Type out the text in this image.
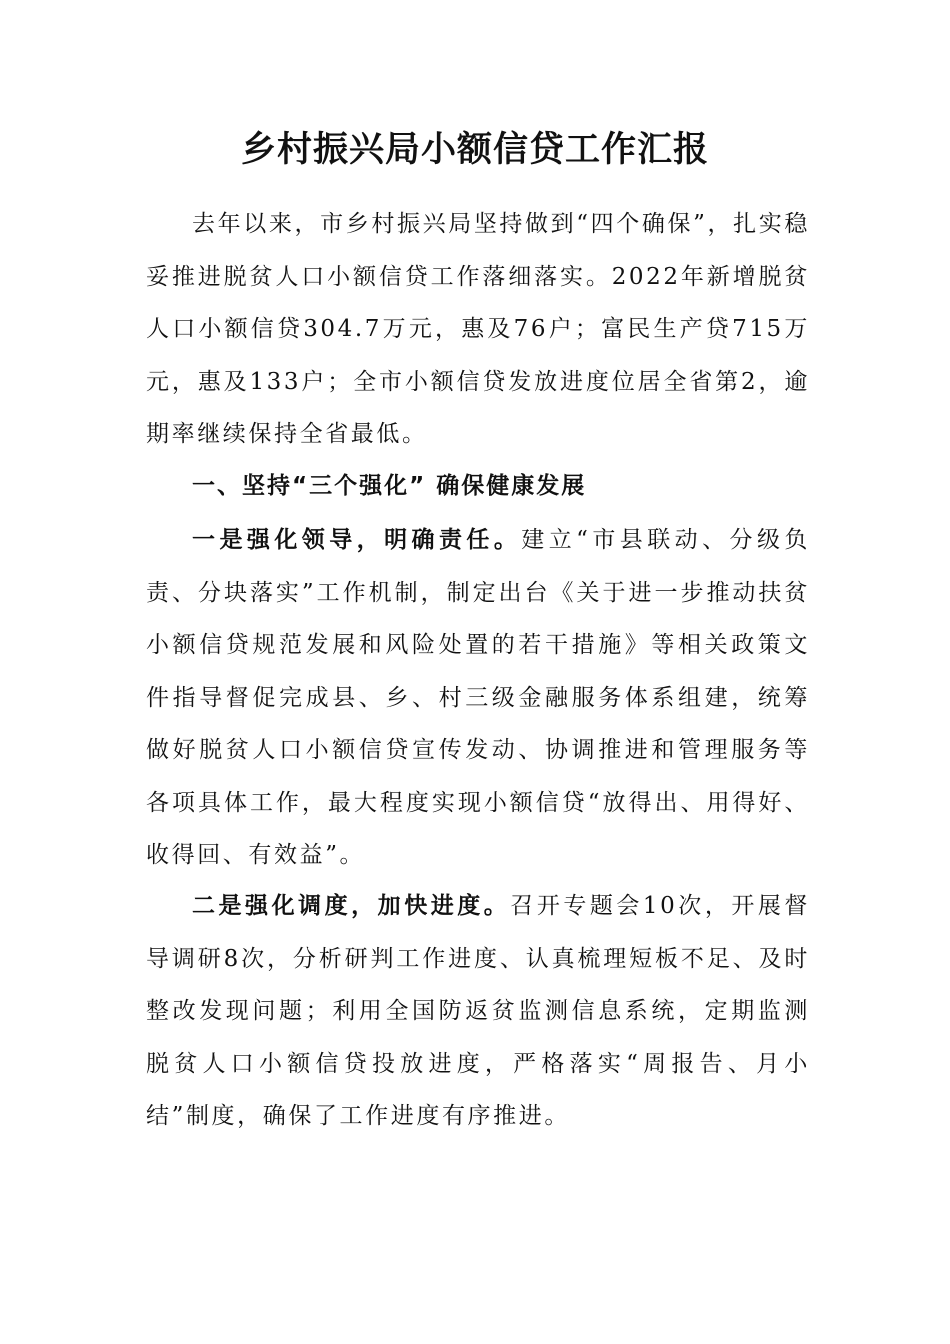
乡村振兴局小额信贷工作汇报

去年以来，市乡村振兴局坚持做到“四个确保”，扎实稳妥推进脱贫人口小额信贷工作落细落实。2022年新增脱贫人口小额信贷304.7万元，惠及76户；富民生产贷715万元，惠及133户；全市小额信贷发放进度位居全省第2，逾期率继续保持全省最低。

一、坚持“三个强化” 确保健康发展

一是强化领导，明确责任。建立“市县联动、分级负责、分块落实”工作机制，制定出台《关于进一步推动扶贫小额信贷规范发展和风险处置的若干措施》等相关政策文件指导督促完成县、乡、村三级金融服务体系组建，统筹做好脱贫人口小额信贷宣传发动、协调推进和管理服务等各项具体工作，最大程度实现小额信贷“放得出、用得好、收得回、有效益”。

二是强化调度，加快进度。召开专题会10次，开展督导调研8次，分析研判工作进度、认真梳理短板不足、及时整改发现问题；利用全国防返贫监测信息系统，定期监测脱贫人口小额信贷投放进度，严格落实“周报告、月小结”制度，确保了工作进度有序推进。
